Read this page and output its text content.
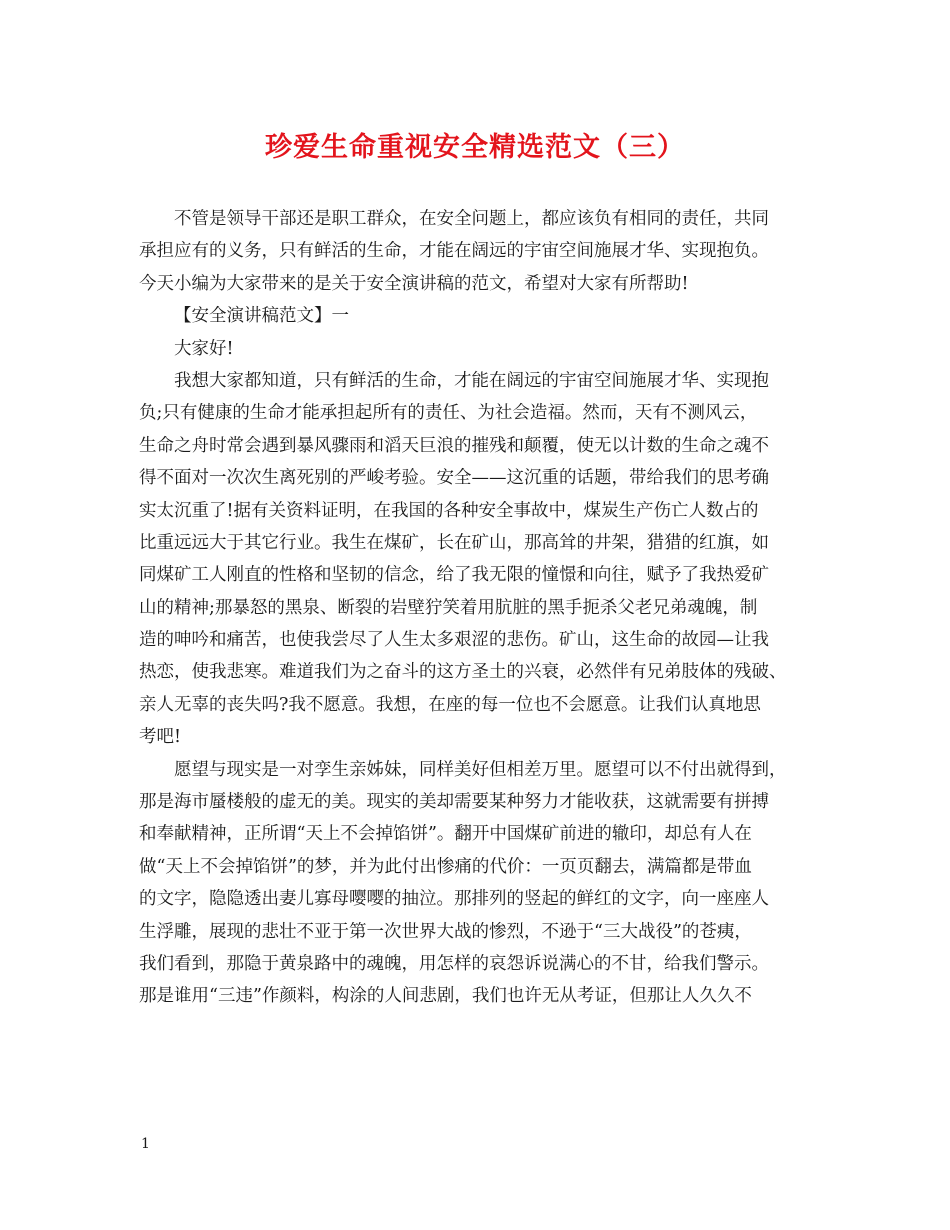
珍爱生命重视安全精选范文（三）
不管是领导干部还是职工群众，在安全问题上，都应该负有相同的责任，共同
承担应有的义务，只有鲜活的生命，才能在阔远的宇宙空间施展才华、实现抱负。
今天小编为大家带来的是关于安全演讲稿的范文，希望对大家有所帮助!
【安全演讲稿范文】一
大家好!
我想大家都知道，只有鲜活的生命，才能在阔远的宇宙空间施展才华、实现抱
负;只有健康的生命才能承担起所有的责任、为社会造福。然而，天有不测风云，
生命之舟时常会遇到暴风骤雨和滔天巨浪的摧残和颠覆，使无以计数的生命之魂不
得不面对一次次生离死别的严峻考验。安全——这沉重的话题，带给我们的思考确
实太沉重了!据有关资料证明，在我国的各种安全事故中，煤炭生产伤亡人数占的
比重远远大于其它行业。我生在煤矿，长在矿山，那高耸的井架，猎猎的红旗，如
同煤矿工人刚直的性格和坚韧的信念，给了我无限的憧憬和向往，赋予了我热爱矿
山的精神;那暴怒的黑泉、断裂的岩壁狞笑着用肮脏的黑手扼杀父老兄弟魂魄，制
造的呻吟和痛苦，也使我尝尽了人生太多艰涩的悲伤。矿山，这生命的故园—让我
热恋，使我悲寒。难道我们为之奋斗的这方圣土的兴衰，必然伴有兄弟肢体的残破、
亲人无辜的丧失吗?我不愿意。我想，在座的每一位也不会愿意。让我们认真地思
考吧!
愿望与现实是一对孪生亲姊妹，同样美好但相差万里。愿望可以不付出就得到，
那是海市蜃楼般的虚无的美。现实的美却需要某种努力才能收获，这就需要有拼搏
和奉献精神，正所谓“天上不会掉馅饼”。翻开中国煤矿前进的辙印，却总有人在
做“天上不会掉馅饼”的梦，并为此付出惨痛的代价：一页页翻去，满篇都是带血
的文字，隐隐透出妻儿寡母嘤嘤的抽泣。那排列的竖起的鲜红的文字，向一座座人
生浮雕，展现的悲壮不亚于第一次世界大战的惨烈，不逊于“三大战役”的苍痍，
我们看到，那隐于黄泉路中的魂魄，用怎样的哀怨诉说满心的不甘，给我们警示。
那是谁用“三违”作颜料，构涂的人间悲剧，我们也许无从考证，但那让人久久不
1
